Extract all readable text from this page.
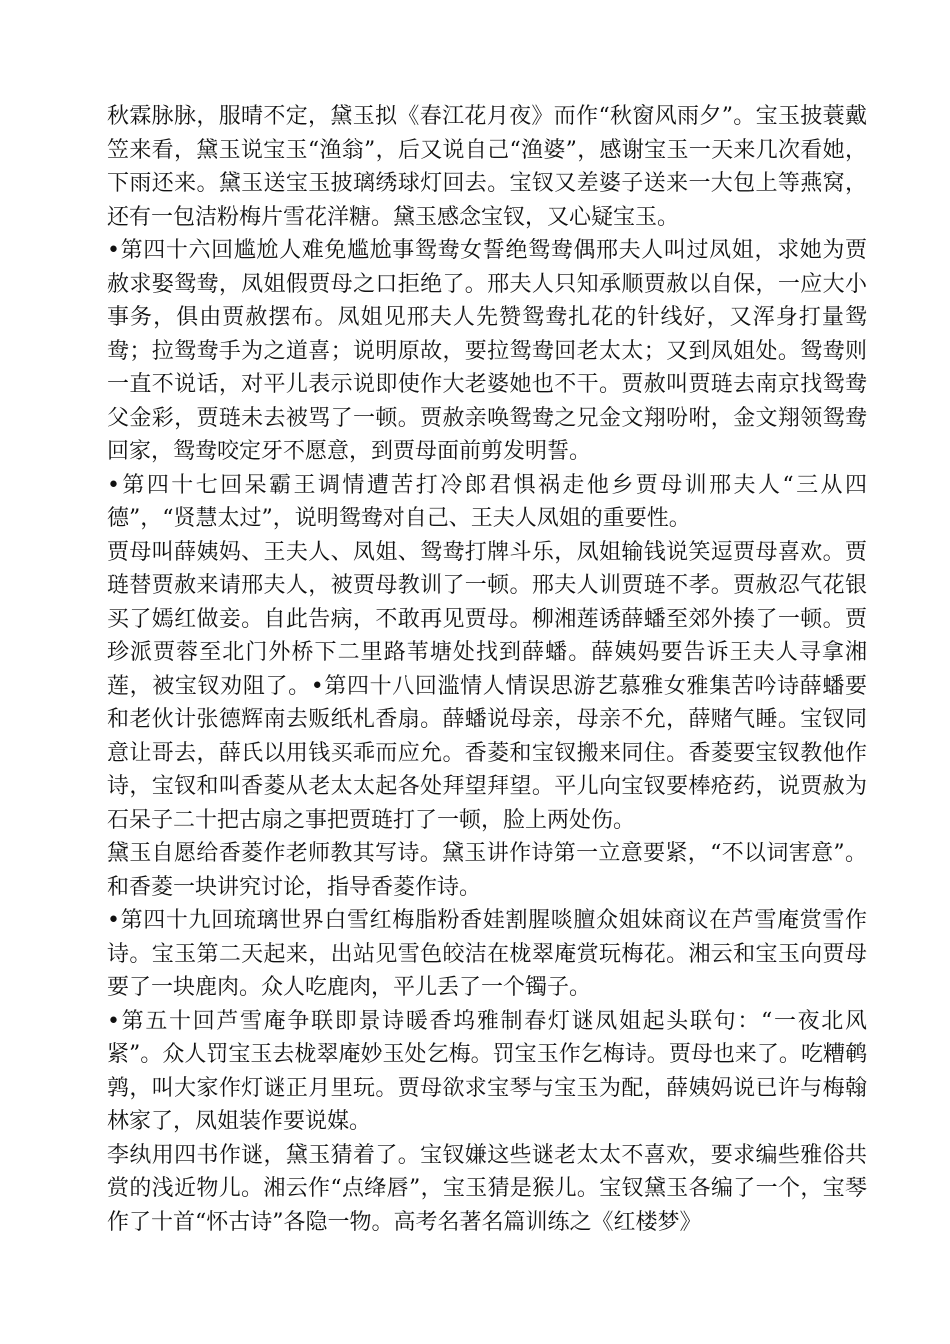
秋霖脉脉，服晴不定，黛玉拟《春江花月夜》而作“秋窗风雨夕”。宝玉披蓑戴笠来看，黛玉说宝玉“渔翁”，后又说自己“渔婆”，感谢宝玉一天来几次看她，下雨还来。黛玉送宝玉披璃绣球灯回去。宝钗又差婆子送来一大包上等燕窝，还有一包洁粉梅片雪花洋糖。黛玉感念宝钗，又心疑宝玉。

•第四十六回尴尬人难免尴尬事鸳鸯女誓绝鸳鸯偶邢夫人叫过凤姐，求她为贾赦求娶鸳鸯，凤姐假贾母之口拒绝了。邢夫人只知承顺贾赦以自保，一应大小事务，俱由贾赦摆布。凤姐见邢夫人先赞鸳鸯扎花的针线好，又浑身打量鸳鸯；拉鸳鸯手为之道喜；说明原故，要拉鸳鸯回老太太；又到凤姐处。鸳鸯则一直不说话，对平儿表示说即使作大老婆她也不干。贾赦叫贾琏去南京找鸳鸯父金彩，贾琏未去被骂了一顿。贾赦亲唤鸳鸯之兄金文翔吩咐，金文翔领鸳鸯回家，鸳鸯咬定牙不愿意，到贾母面前剪发明誓。

•第四十七回呆霸王调情遭苦打冷郎君惧祸走他乡贾母训邢夫人“三从四德”，“贤慧太过”，说明鸳鸯对自己、王夫人凤姐的重要性。

贾母叫薛姨妈、王夫人、凤姐、鸳鸯打牌斗乐，凤姐输钱说笑逗贾母喜欢。贾琏替贾赦来请邢夫人，被贾母教训了一顿。邢夫人训贾琏不孝。贾赦忍气花银买了嫣红做妾。自此告病，不敢再见贾母。柳湘莲诱薛蟠至郊外揍了一顿。贾珍派贾蓉至北门外桥下二里路苇塘处找到薛蟠。薛姨妈要告诉王夫人寻拿湘莲，被宝钗劝阻了。•第四十八回滥情人情误思游艺慕雅女雅集苦吟诗薛蟠要和老伙计张德辉南去贩纸札香扇。薛蟠说母亲，母亲不允，薛赌气睡。宝钗同意让哥去，薛氏以用钱买乖而应允。香菱和宝钗搬来同住。香菱要宝钗教他作诗，宝钗和叫香菱从老太太起各处拜望拜望。平儿向宝钗要棒疮药，说贾赦为石呆子二十把古扇之事把贾琏打了一顿，脸上两处伤。

黛玉自愿给香菱作老师教其写诗。黛玉讲作诗第一立意要紧，“不以词害意”。和香菱一块讲究讨论，指导香菱作诗。

•第四十九回琉璃世界白雪红梅脂粉香娃割腥啖膻众姐妹商议在芦雪庵赏雪作诗。宝玉第二天起来，出站见雪色皎洁在栊翠庵赏玩梅花。湘云和宝玉向贾母要了一块鹿肉。众人吃鹿肉，平儿丢了一个镯子。

•第五十回芦雪庵争联即景诗暖香坞雅制春灯谜凤姐起头联句：“一夜北风紧”。众人罚宝玉去栊翠庵妙玉处乞梅。罚宝玉作乞梅诗。贾母也来了。吃糟鹌鹑，叫大家作灯谜正月里玩。贾母欲求宝琴与宝玉为配，薛姨妈说已许与梅翰林家了，凤姐装作要说媒。

李纨用四书作谜，黛玉猜着了。宝钗嫌这些谜老太太不喜欢，要求编些雅俗共赏的浅近物儿。湘云作“点绛唇”，宝玉猜是猴儿。宝钗黛玉各编了一个，宝琴作了十首“怀古诗”各隐一物。高考名著名篇训练之《红楼梦》
